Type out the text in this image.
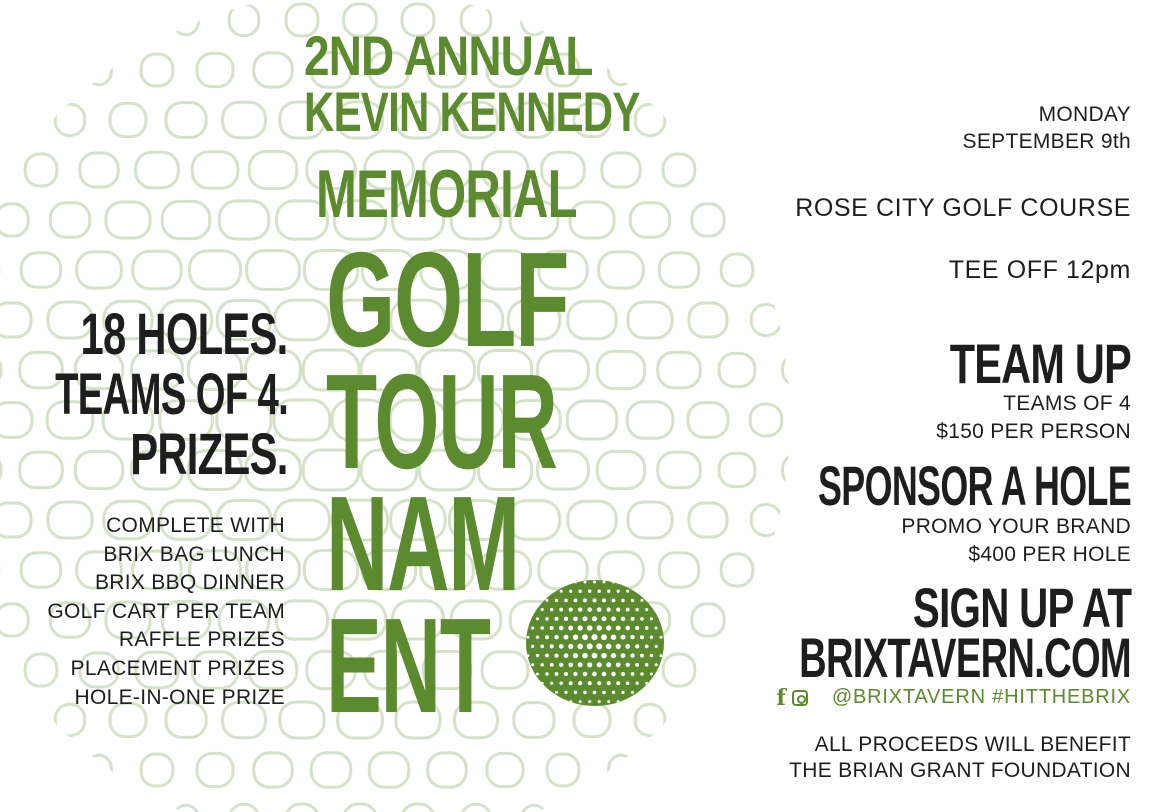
2ND ANNUAL
KEVIN KENNEDY
MEMORIAL
GOLF
TOUR
NAM
ENT
18 HOLES.
TEAMS OF 4.
PRIZES.
COMPLETE WITH
BRIX BAG LUNCH
BRIX BBQ DINNER
GOLF CART PER TEAM
RAFFLE PRIZES
PLACEMENT PRIZES
HOLE-IN-ONE PRIZE
MONDAY
SEPTEMBER 9th
ROSE CITY GOLF COURSE
TEE OFF 12pm
TEAM UP
TEAMS OF 4
$150 PER PERSON
SPONSOR A HOLE
PROMO YOUR BRAND
$400 PER HOLE
SIGN UP AT
BRIXTAVERN.COM
f @BRIXTAVERN #HITTHEBRIX
ALL PROCEEDS WILL BENEFIT
THE BRIAN GRANT FOUNDATION
